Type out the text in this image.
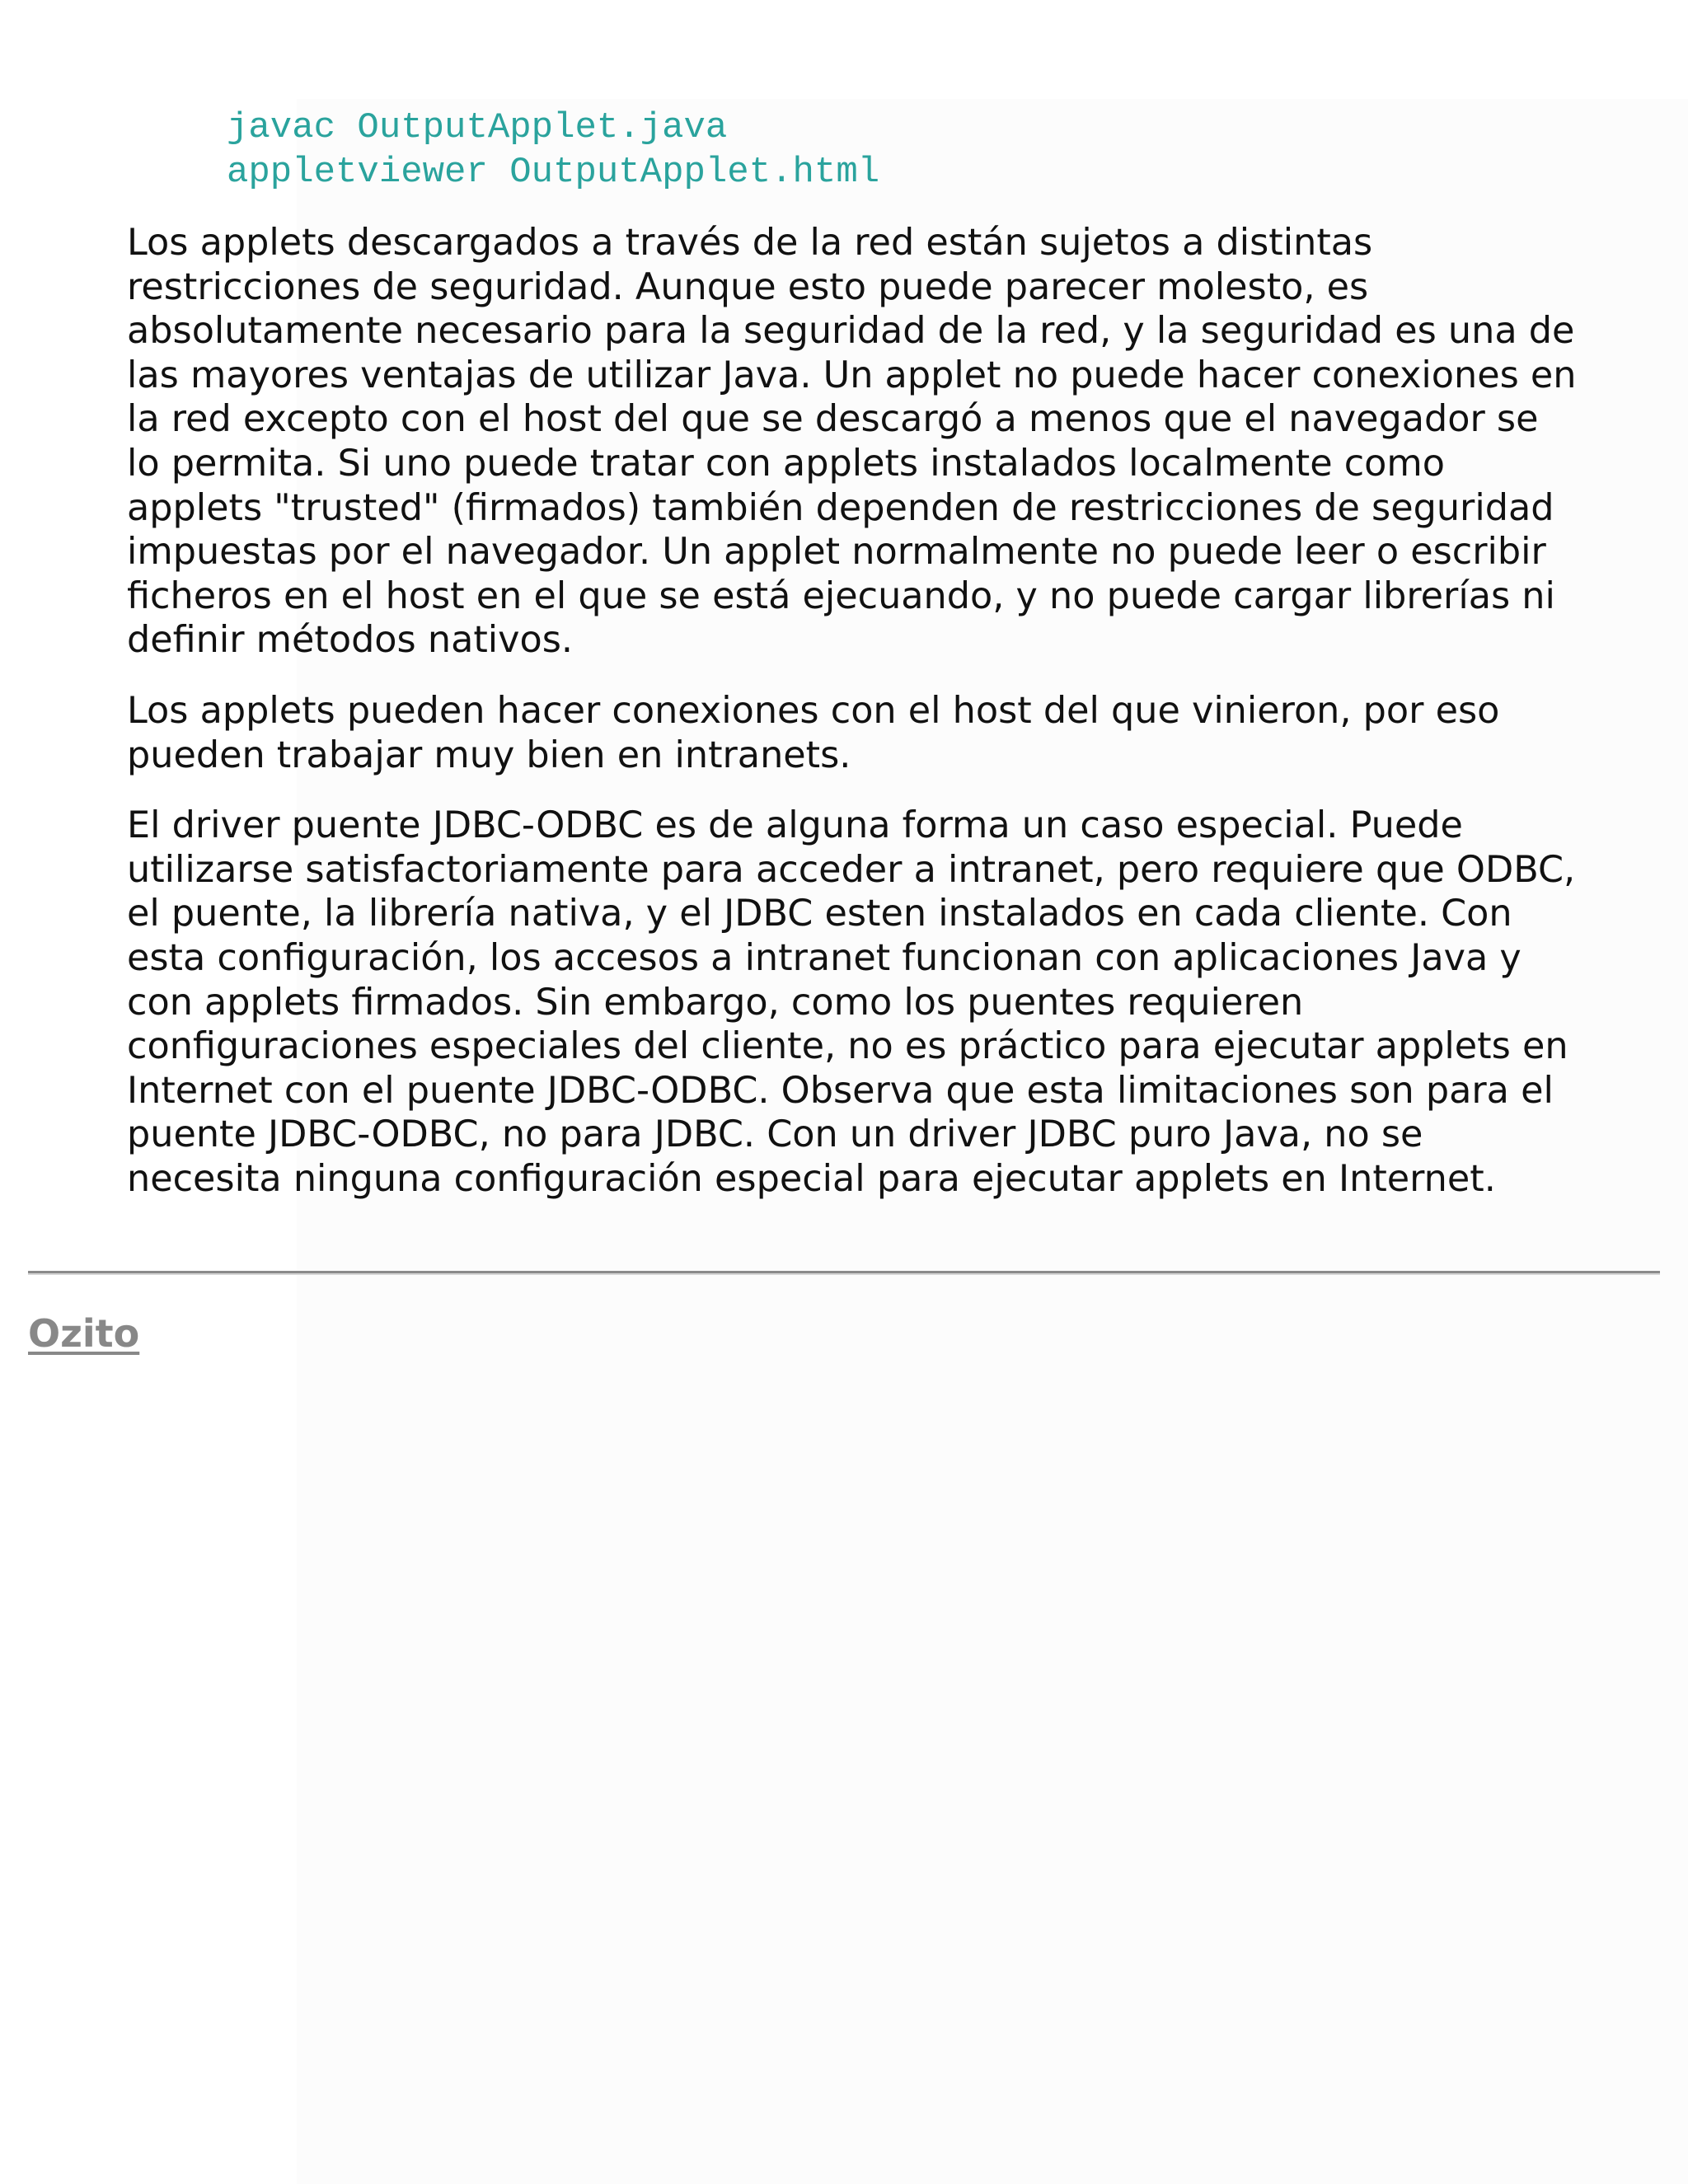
javac OutputApplet.java
appletviewer OutputApplet.html

Los applets descargados a través de la red están sujetos a distintas restricciones de seguridad. Aunque esto puede parecer molesto, es absolutamente necesario para la seguridad de la red, y la seguridad es una de las mayores ventajas de utilizar Java. Un applet no puede hacer conexiones en la red excepto con el host del que se descargó a menos que el navegador se lo permita. Si uno puede tratar con applets instalados localmente como applets "trusted" (firmados) también dependen de restricciones de seguridad impuestas por el navegador. Un applet normalmente no puede leer o escribir ficheros en el host en el que se está ejecuando, y no puede cargar librerías ni definir métodos nativos.

Los applets pueden hacer conexiones con el host del que vinieron, por eso pueden trabajar muy bien en intranets.

El driver puente JDBC-ODBC es de alguna forma un caso especial. Puede utilizarse satisfactoriamente para acceder a intranet, pero requiere que ODBC, el puente, la librería nativa, y el JDBC esten instalados en cada cliente. Con esta configuración, los accesos a intranet funcionan con aplicaciones Java y con applets firmados. Sin embargo, como los puentes requieren configuraciones especiales del cliente, no es práctico para ejecutar applets en Internet con el puente JDBC-ODBC. Observa que esta limitaciones son para el puente JDBC-ODBC, no para JDBC. Con un driver JDBC puro Java, no se necesita ninguna configuración especial para ejecutar applets en Internet.

Ozito
